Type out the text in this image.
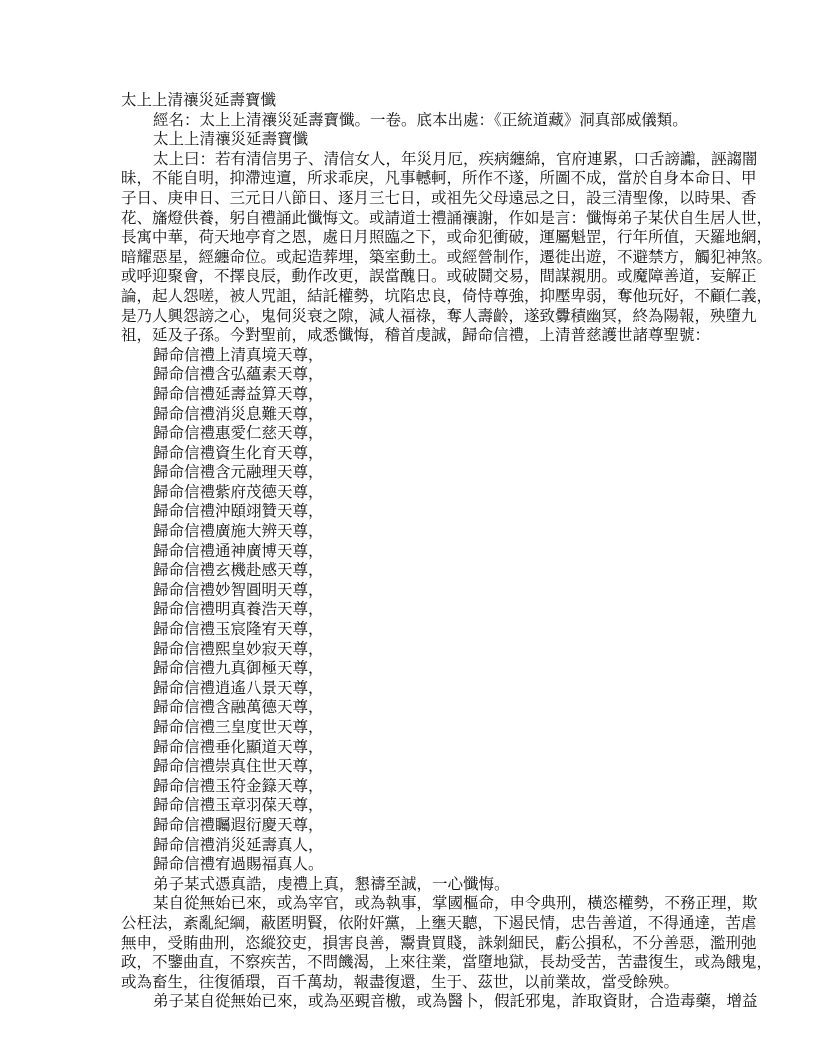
太上上清禳災延壽寶懺

經名：太上上清禳災延壽寶懺。一卷。底本出處：《正統道藏》洞真部威儀類。

太上上清禳災延壽寶懺

太上曰：若有清信男子、清信女人，年災月厄，疾病纏綿，官府連累，口舌謗讟，誣謅闇

昧，不能自明，抑滯迍邅，所求乖戾，凡事轗軻，所作不遂，所圖不成，當於自身本命日、甲

子日、庚申日、三元日八節日、逐月三七日，或祖先父母遠忌之日，設三清聖像，以時果、香

花、旛燈供養，躬自禮誦此懺悔文。或請道士禮誦禳謝，作如是言：懺悔弟子某伏自生居人世，

長寓中華，荷天地亭育之恩，處日月照臨之下，或命犯衝破，運屬魁罡，行年所值，天羅地網，

暗耀惡星，經纏命位。或起造葬埋，築室動土。或經營制作，遷徙出遊，不避禁方，觸犯神煞。

或呼迎聚會，不擇良辰，動作改更，誤當醜日。或破鬪交易，間謀親朋。或魔障善道，妄解正

論，起人怨嗟，被人咒詛，結託權勢，坑陷忠良，倚恃尊強，抑壓卑弱，奪他玩好，不顧仁義，

是乃人興怨謗之心，鬼伺災衰之隙，減人福祿，奪人壽齡，遂致釁積幽冥，終為陽報，殃墮九

祖，延及子孫。今對聖前，咸悉懺悔，稽首虔誠，歸命信禮，上清普慈護世諸尊聖號：

歸命信禮上清真境天尊，

歸命信禮含弘蘊素天尊，

歸命信禮延壽益算天尊，

歸命信禮消災息難天尊，

歸命信禮惠愛仁慈天尊，

歸命信禮資生化育天尊，

歸命信禮含元融理天尊，

歸命信禮紫府茂德天尊，

歸命信禮沖頤翊贊天尊，

歸命信禮廣施大辨天尊，

歸命信禮通神廣博天尊，

歸命信禮玄機赴感天尊，

歸命信禮妙智圓明天尊，

歸命信禮明真養浩天尊，

歸命信禮玉宸隆宥天尊，

歸命信禮熙皇妙寂天尊，

歸命信禮九真御極天尊，

歸命信禮逍遙八景天尊，

歸命信禮含融萬德天尊，

歸命信禮三皇度世天尊，

歸命信禮垂化顯道天尊，

歸命信禮崇真住世天尊，

歸命信禮玉符金籙天尊，

歸命信禮玉章羽葆天尊，

歸命信禮矚遐衍慶天尊，

歸命信禮消災延壽真人，

歸命信禮宥過賜福真人。

弟子某式憑真誥，虔禮上真，懇禱至誠，一心懺悔。

某自從無始已來，或為宰官，或為執事，掌國樞命，申令典刑，橫恣權勢，不務正理，欺

公枉法，紊亂紀綱，蔽匿明賢，依附奸黨，上壅天聽，下遏民情，忠告善道，不得通達，苦虐

無申，受賄曲刑，恣縱狡吏，損害良善，鬻貴買賤，誅剝細民，虧公損私，不分善惡，濫刑弛

政，不鑒曲直，不察疾苦，不問饑渴，上來往業，當墮地獄，長劫受苦，苦盡復生，或為餓鬼，

或為畜生，往復循環，百千萬劫，報盡復還，生于、茲世，以前業故，當受餘殃。

弟子某自從無始已來，或為巫覡音檄，或為醫卜，假託邪鬼，詐取資財，合造毒藥，增益
